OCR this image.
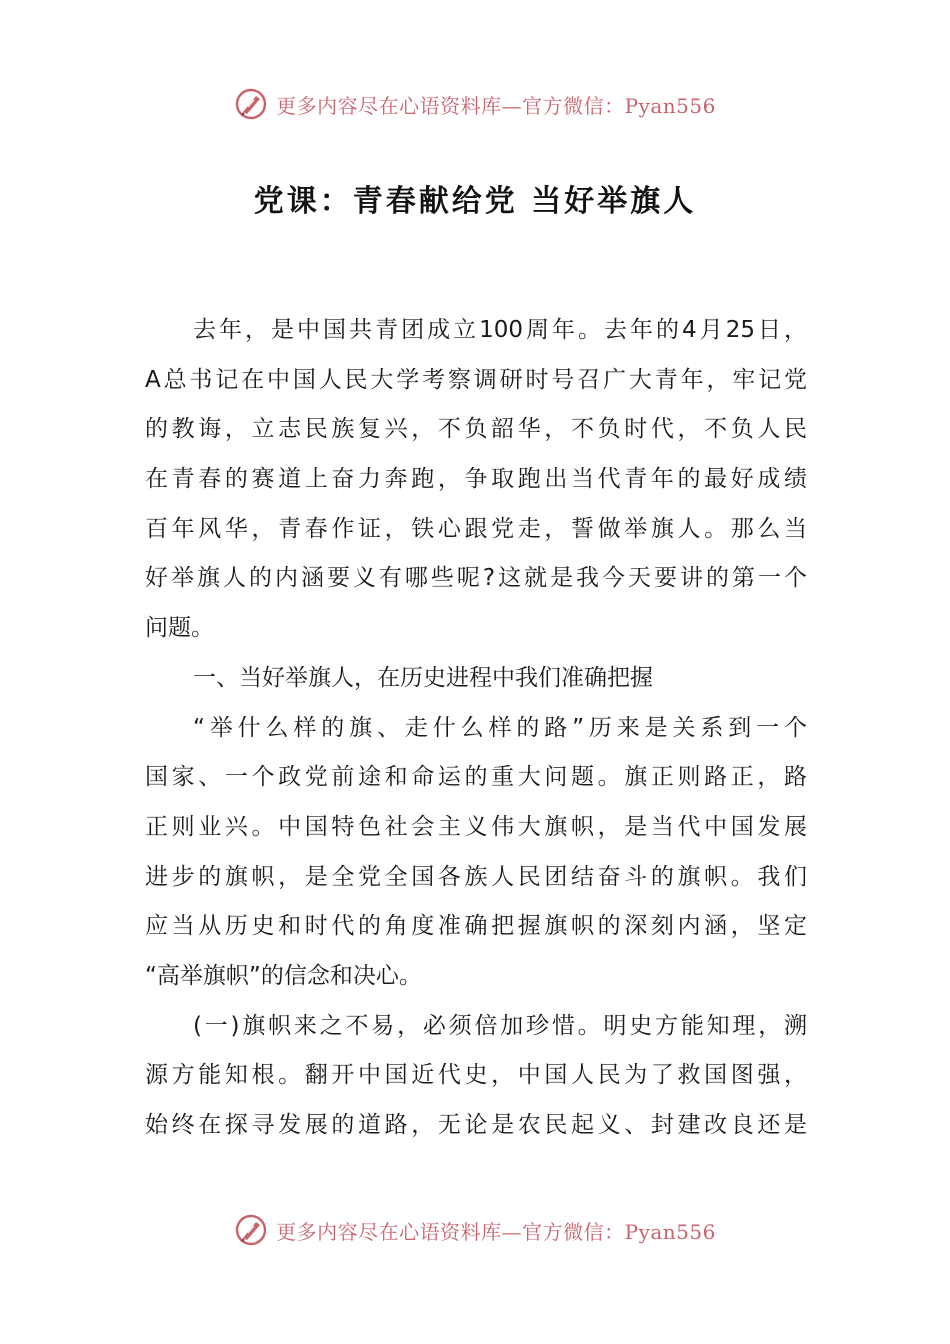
更多内容尽在心语资料库—官方微信：Pyan556
党课：青春献给党 当好举旗人
去年，是中国共青团成立100周年。去年的4月25日，
A总书记在中国人民大学考察调研时号召广大青年，牢记党
的教诲，立志民族复兴，不负韶华，不负时代，不负人民
在青春的赛道上奋力奔跑，争取跑出当代青年的最好成绩
百年风华，青春作证，铁心跟党走，誓做举旗人。那么当
好举旗人的内涵要义有哪些呢?这就是我今天要讲的第一个
问题。
一、当好举旗人，在历史进程中我们准确把握
“举什么样的旗、走什么样的路”历来是关系到一个
国家、一个政党前途和命运的重大问题。旗正则路正，路
正则业兴。中国特色社会主义伟大旗帜，是当代中国发展
进步的旗帜，是全党全国各族人民团结奋斗的旗帜。我们
应当从历史和时代的角度准确把握旗帜的深刻内涵，坚定
“高举旗帜”的信念和决心。
(一)旗帜来之不易，必须倍加珍惜。明史方能知理，溯
源方能知根。翻开中国近代史，中国人民为了救国图强，
始终在探寻发展的道路，无论是农民起义、封建改良还是
更多内容尽在心语资料库—官方微信：Pyan556
